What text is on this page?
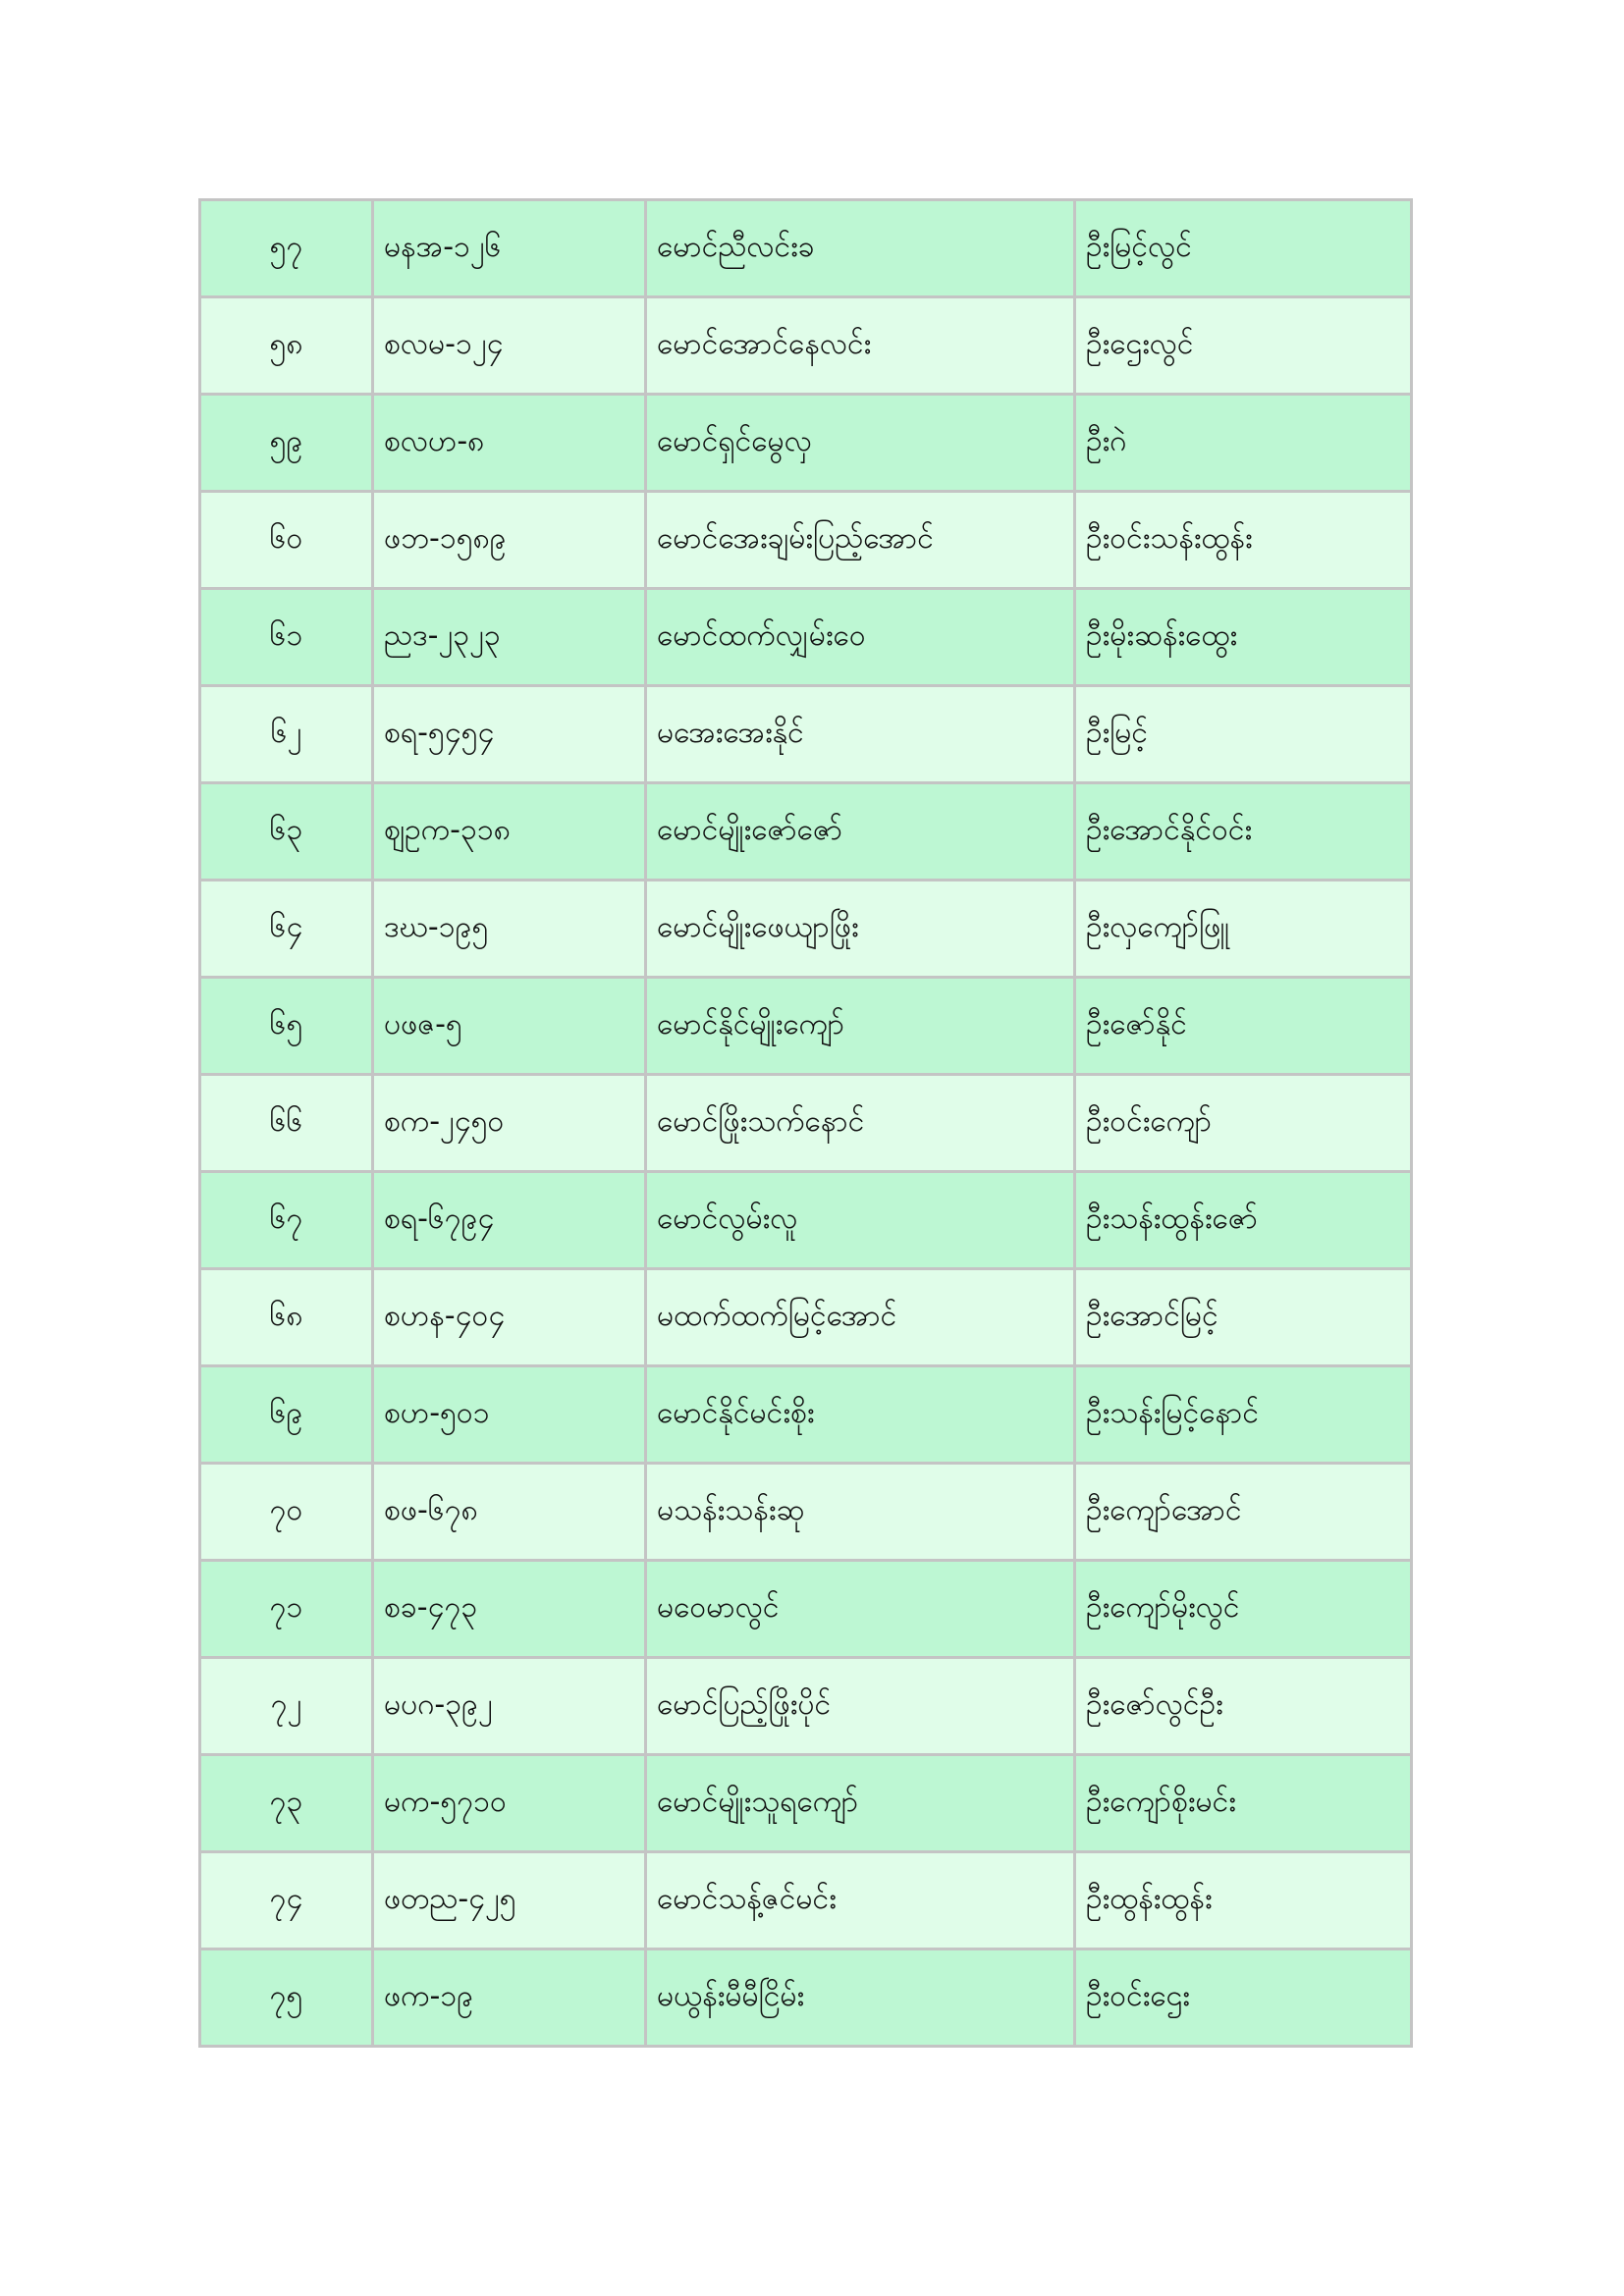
၅၇	မနအ-၁၂၆	မောင်ညီလင်းခ	ဦးမြင့်လွင်
၅၈	စလမ-၁၂၄	မောင်အောင်နေလင်း	ဦးဌေးလွင်
၅၉	စလဟ-၈	မောင်ရှင်မွေလှ	ဦးဂဲ
၆၀	ဖဘ-၁၅၈၉	မောင်အေးချမ်းပြည့်အောင်	ဦးဝင်းသန်းထွန်း
၆၁	ညဒ-၂၃၂၃	မောင်ထက်လျှမ်းဝေ	ဦးမိုးဆန်းထွေး
၆၂	စရ-၅၄၅၄	မအေးအေးနိုင်	ဦးမြင့်
၆၃	ဈဥက-၃၁၈	မောင်မျိုးဇော်ဇော်	ဦးအောင်နိုင်ဝင်း
၆၄	ဒဃ-၁၉၅	မောင်မျိုးဖေယျာဖြိုး	ဦးလှကျော်ဖြူ
၆၅	ပဖဇ-၅	မောင်နိုင်မျိုးကျော်	ဦးဇော်နိုင်
၆၆	စက-၂၄၅၀	မောင်ဖြိုးသက်နောင်	ဦးဝင်းကျော်
၆၇	စရ-၆၇၉၄	မောင်လွမ်းလူ	ဦးသန်းထွန်းဇော်
၆၈	စဟန-၄၀၄	မထက်ထက်မြင့်အောင်	ဦးအောင်မြင့်
၆၉	စဟ-၅၀၁	မောင်နိုင်မင်းစိုး	ဦးသန်းမြင့်နောင်
၇၀	စဖ-၆၇၈	မသန်းသန်းဆု	ဦးကျော်အောင်
၇၁	စခ-၄၇၃	မဝေမာလွင်	ဦးကျော်မိုးလွင်
၇၂	မပဂ-၃၉၂	မောင်ပြည့်ဖြိုးပိုင်	ဦးဇော်လွင်ဦး
၇၃	မက-၅၇၁၀	မောင်မျိုးသူရကျော်	ဦးကျော်စိုးမင်း
၇၄	ဖတည-၄၂၅	မောင်သန့်ဇင်မင်း	ဦးထွန်းထွန်း
၇၅	ဖက-၁၉	မယွန်းမီမီငြိမ်း	ဦးဝင်းဌေး
